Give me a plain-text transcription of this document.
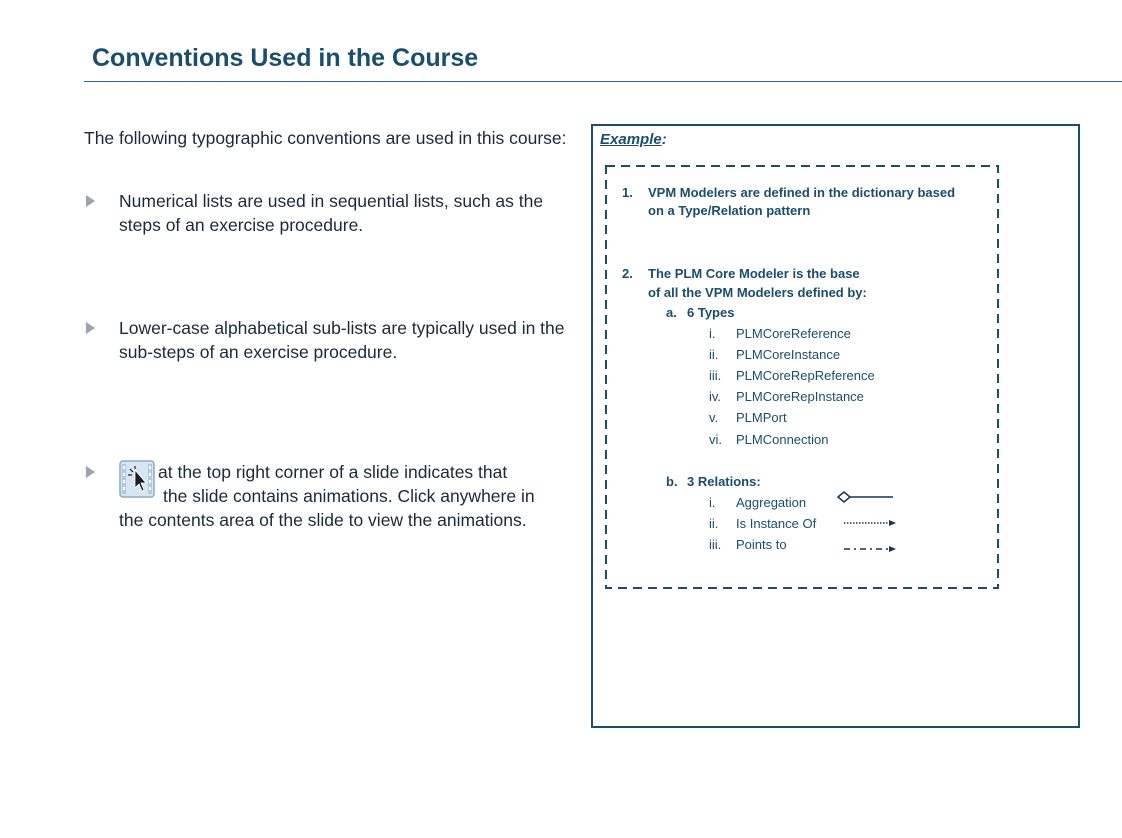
Conventions Used in the Course
The following typographic conventions are used in this course:
Numerical lists are used in sequential lists, such as the steps of an exercise procedure.
Lower-case alphabetical sub-lists are typically used in the sub-steps of an exercise procedure.
at the top right corner of a slide indicates that
the slide contains animations. Click anywhere in
the contents area of the slide to view the animations.
Example:
1. VPM Modelers are defined in the dictionary based
on a Type/Relation pattern
2. The PLM Core Modeler is the base
of all the VPM Modelers defined by:
a. 6 Types
i. PLMCoreReference
ii. PLMCoreInstance
iii. PLMCoreRepReference
iv. PLMCoreRepInstance
v. PLMPort
vi. PLMConnection
b. 3 Relations:
i. Aggregation
ii. Is Instance Of
iii. Points to
